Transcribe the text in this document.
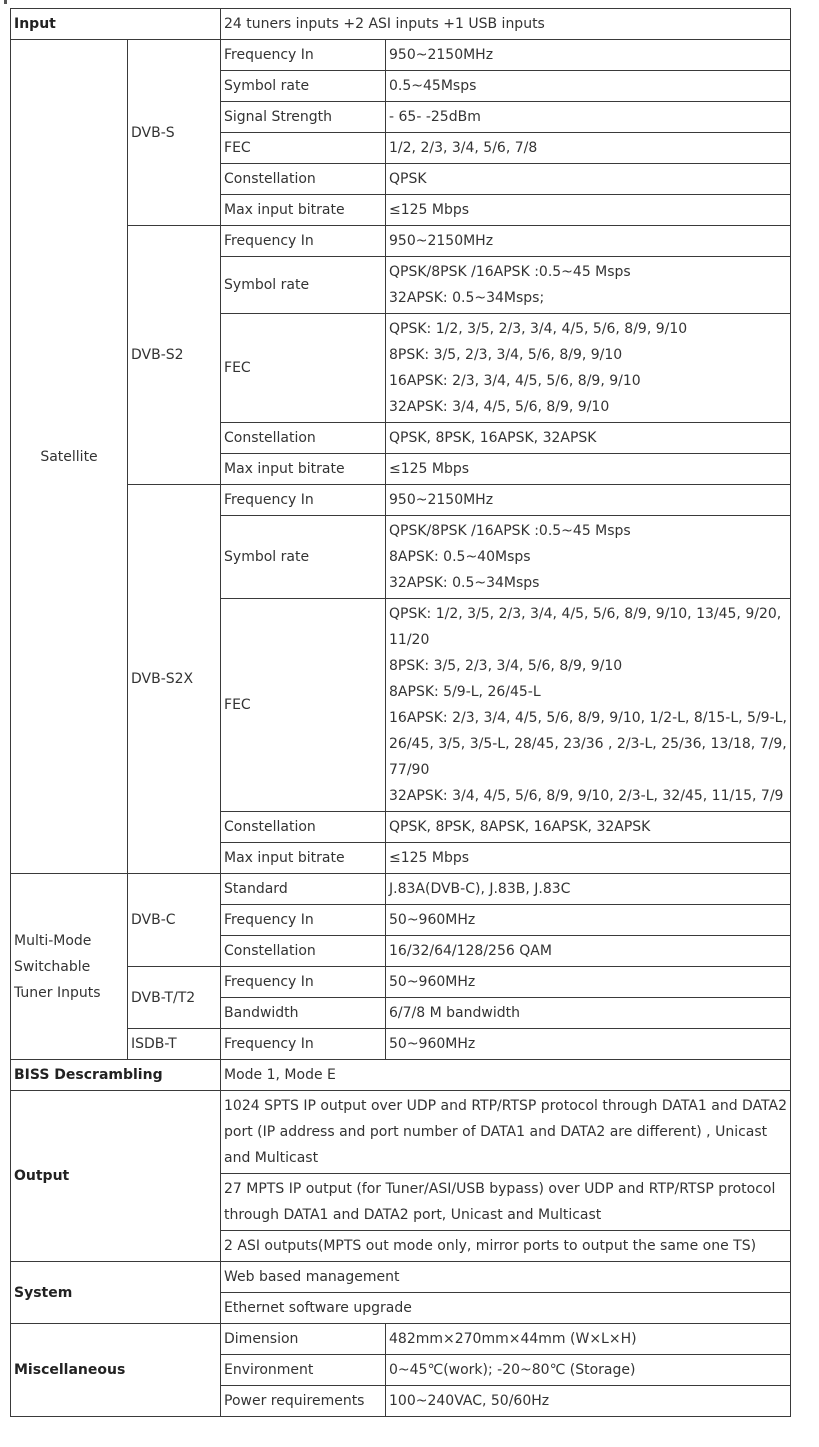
Input		24 tuners inputs +2 ASI inputs +1 USB inputs	
Satellite	DVB-S	Frequency In	950~2150MHz
		Symbol rate	0.5~45Msps
		Signal Strength	- 65- -25dBm
		FEC	1/2, 2/3, 3/4, 5/6, 7/8
		Constellation	QPSK
		Max input bitrate	≤125 Mbps
	DVB-S2	Frequency In	950~2150MHz
		Symbol rate	QPSK/8PSK /16APSK :0.5~45 Msps
32APSK: 0.5~34Msps;
		FEC	QPSK: 1/2, 3/5, 2/3, 3/4, 4/5, 5/6, 8/9, 9/10
8PSK: 3/5, 2/3, 3/4, 5/6, 8/9, 9/10
16APSK: 2/3, 3/4, 4/5, 5/6, 8/9, 9/10
32APSK: 3/4, 4/5, 5/6, 8/9, 9/10
		Constellation	QPSK, 8PSK, 16APSK, 32APSK
		Max input bitrate	≤125 Mbps
	DVB-S2X	Frequency In	950~2150MHz
		Symbol rate	QPSK/8PSK /16APSK :0.5~45 Msps
8APSK: 0.5~40Msps
32APSK: 0.5~34Msps
		FEC	QPSK: 1/2, 3/5, 2/3, 3/4, 4/5, 5/6, 8/9, 9/10, 13/45, 9/20, 11/20
8PSK: 3/5, 2/3, 3/4, 5/6, 8/9, 9/10
8APSK: 5/9-L, 26/45-L
16APSK: 2/3, 3/4, 4/5, 5/6, 8/9, 9/10, 1/2-L, 8/15-L, 5/9-L, 26/45, 3/5, 3/5-L, 28/45, 23/36 , 2/3-L, 25/36, 13/18, 7/9, 77/90
32APSK: 3/4, 4/5, 5/6, 8/9, 9/10, 2/3-L, 32/45, 11/15, 7/9
		Constellation	QPSK, 8PSK, 8APSK, 16APSK, 32APSK
		Max input bitrate	≤125 Mbps
Multi-Mode Switchable Tuner Inputs	DVB-C	Standard	J.83A(DVB-C), J.83B, J.83C
		Frequency In	50~960MHz
		Constellation	16/32/64/128/256 QAM
	DVB-T/T2	Frequency In	50~960MHz
		Bandwidth	6/7/8 M bandwidth
	ISDB-T	Frequency In	50~960MHz
BISS Descrambling		Mode 1, Mode E	
Output		1024 SPTS IP output over UDP and RTP/RTSP protocol through DATA1 and DATA2 port (IP address and port number of DATA1 and DATA2 are different) , Unicast and Multicast	
		27 MPTS IP output (for Tuner/ASI/USB bypass) over UDP and RTP/RTSP protocol through DATA1 and DATA2 port, Unicast and Multicast	
		2 ASI outputs(MPTS out mode only, mirror ports to output the same one TS)	
System		Web based management	
		Ethernet software upgrade	
Miscellaneous		Dimension	482mm×270mm×44mm (W×L×H)
		Environment	0~45℃(work); -20~80℃ (Storage)
		Power requirements	100~240VAC, 50/60Hz
